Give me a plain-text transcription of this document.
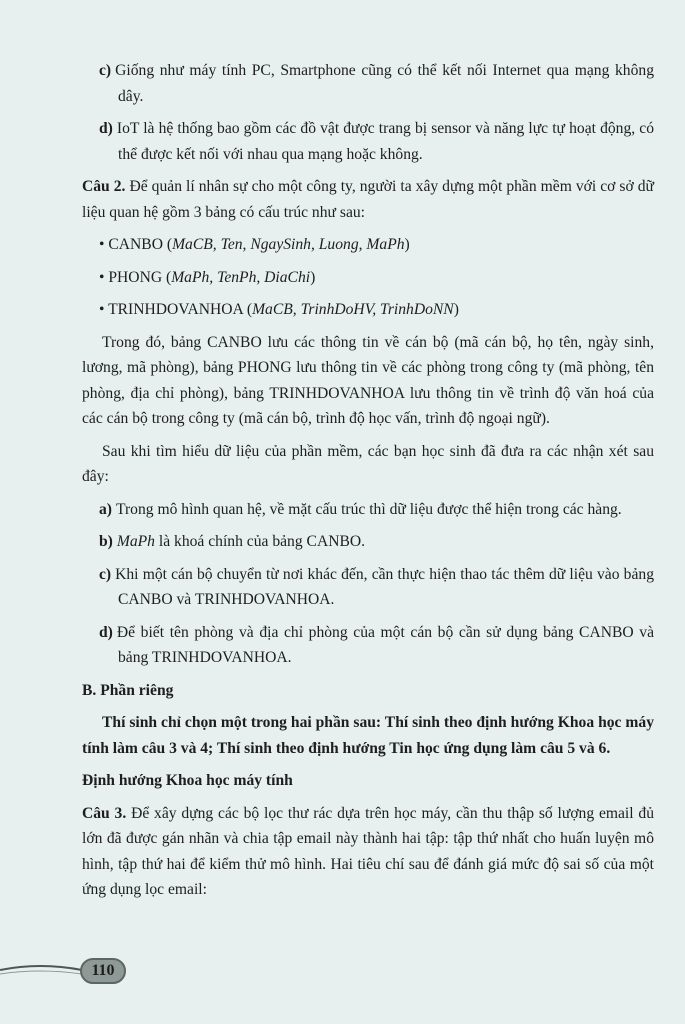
c) Giống như máy tính PC, Smartphone cũng có thể kết nối Internet qua mạng không dây.

d) IoT là hệ thống bao gồm các đồ vật được trang bị sensor và năng lực tự hoạt động, có thể được kết nối với nhau qua mạng hoặc không.

Câu 2. Để quản lí nhân sự cho một công ty, người ta xây dựng một phần mềm với cơ sở dữ liệu quan hệ gồm 3 bảng có cấu trúc như sau:

• CANBO (MaCB, Ten, NgaySinh, Luong, MaPh)

• PHONG (MaPh, TenPh, DiaChi)

• TRINHDOVANHOA (MaCB, TrinhDoHV, TrinhDoNN)

Trong đó, bảng CANBO lưu các thông tin về cán bộ (mã cán bộ, họ tên, ngày sinh, lương, mã phòng), bảng PHONG lưu thông tin về các phòng trong công ty (mã phòng, tên phòng, địa chỉ phòng), bảng TRINHDOVANHOA lưu thông tin về trình độ văn hoá của các cán bộ trong công ty (mã cán bộ, trình độ học vấn, trình độ ngoại ngữ).

Sau khi tìm hiểu dữ liệu của phần mềm, các bạn học sinh đã đưa ra các nhận xét sau đây:

a) Trong mô hình quan hệ, về mặt cấu trúc thì dữ liệu được thể hiện trong các hàng.

b) MaPh là khoá chính của bảng CANBO.

c) Khi một cán bộ chuyển từ nơi khác đến, cần thực hiện thao tác thêm dữ liệu vào bảng CANBO và TRINHDOVANHOA.

d) Để biết tên phòng và địa chỉ phòng của một cán bộ cần sử dụng bảng CANBO và bảng TRINHDOVANHOA.

B. Phần riêng

Thí sinh chỉ chọn một trong hai phần sau: Thí sinh theo định hướng Khoa học máy tính làm câu 3 và 4; Thí sinh theo định hướng Tin học ứng dụng làm câu 5 và 6.

Định hướng Khoa học máy tính

Câu 3. Để xây dựng các bộ lọc thư rác dựa trên học máy, cần thu thập số lượng email đủ lớn đã được gán nhãn và chia tập email này thành hai tập: tập thứ nhất cho huấn luyện mô hình, tập thứ hai để kiểm thử mô hình. Hai tiêu chí sau để đánh giá mức độ sai số của một ứng dụng lọc email:

110
